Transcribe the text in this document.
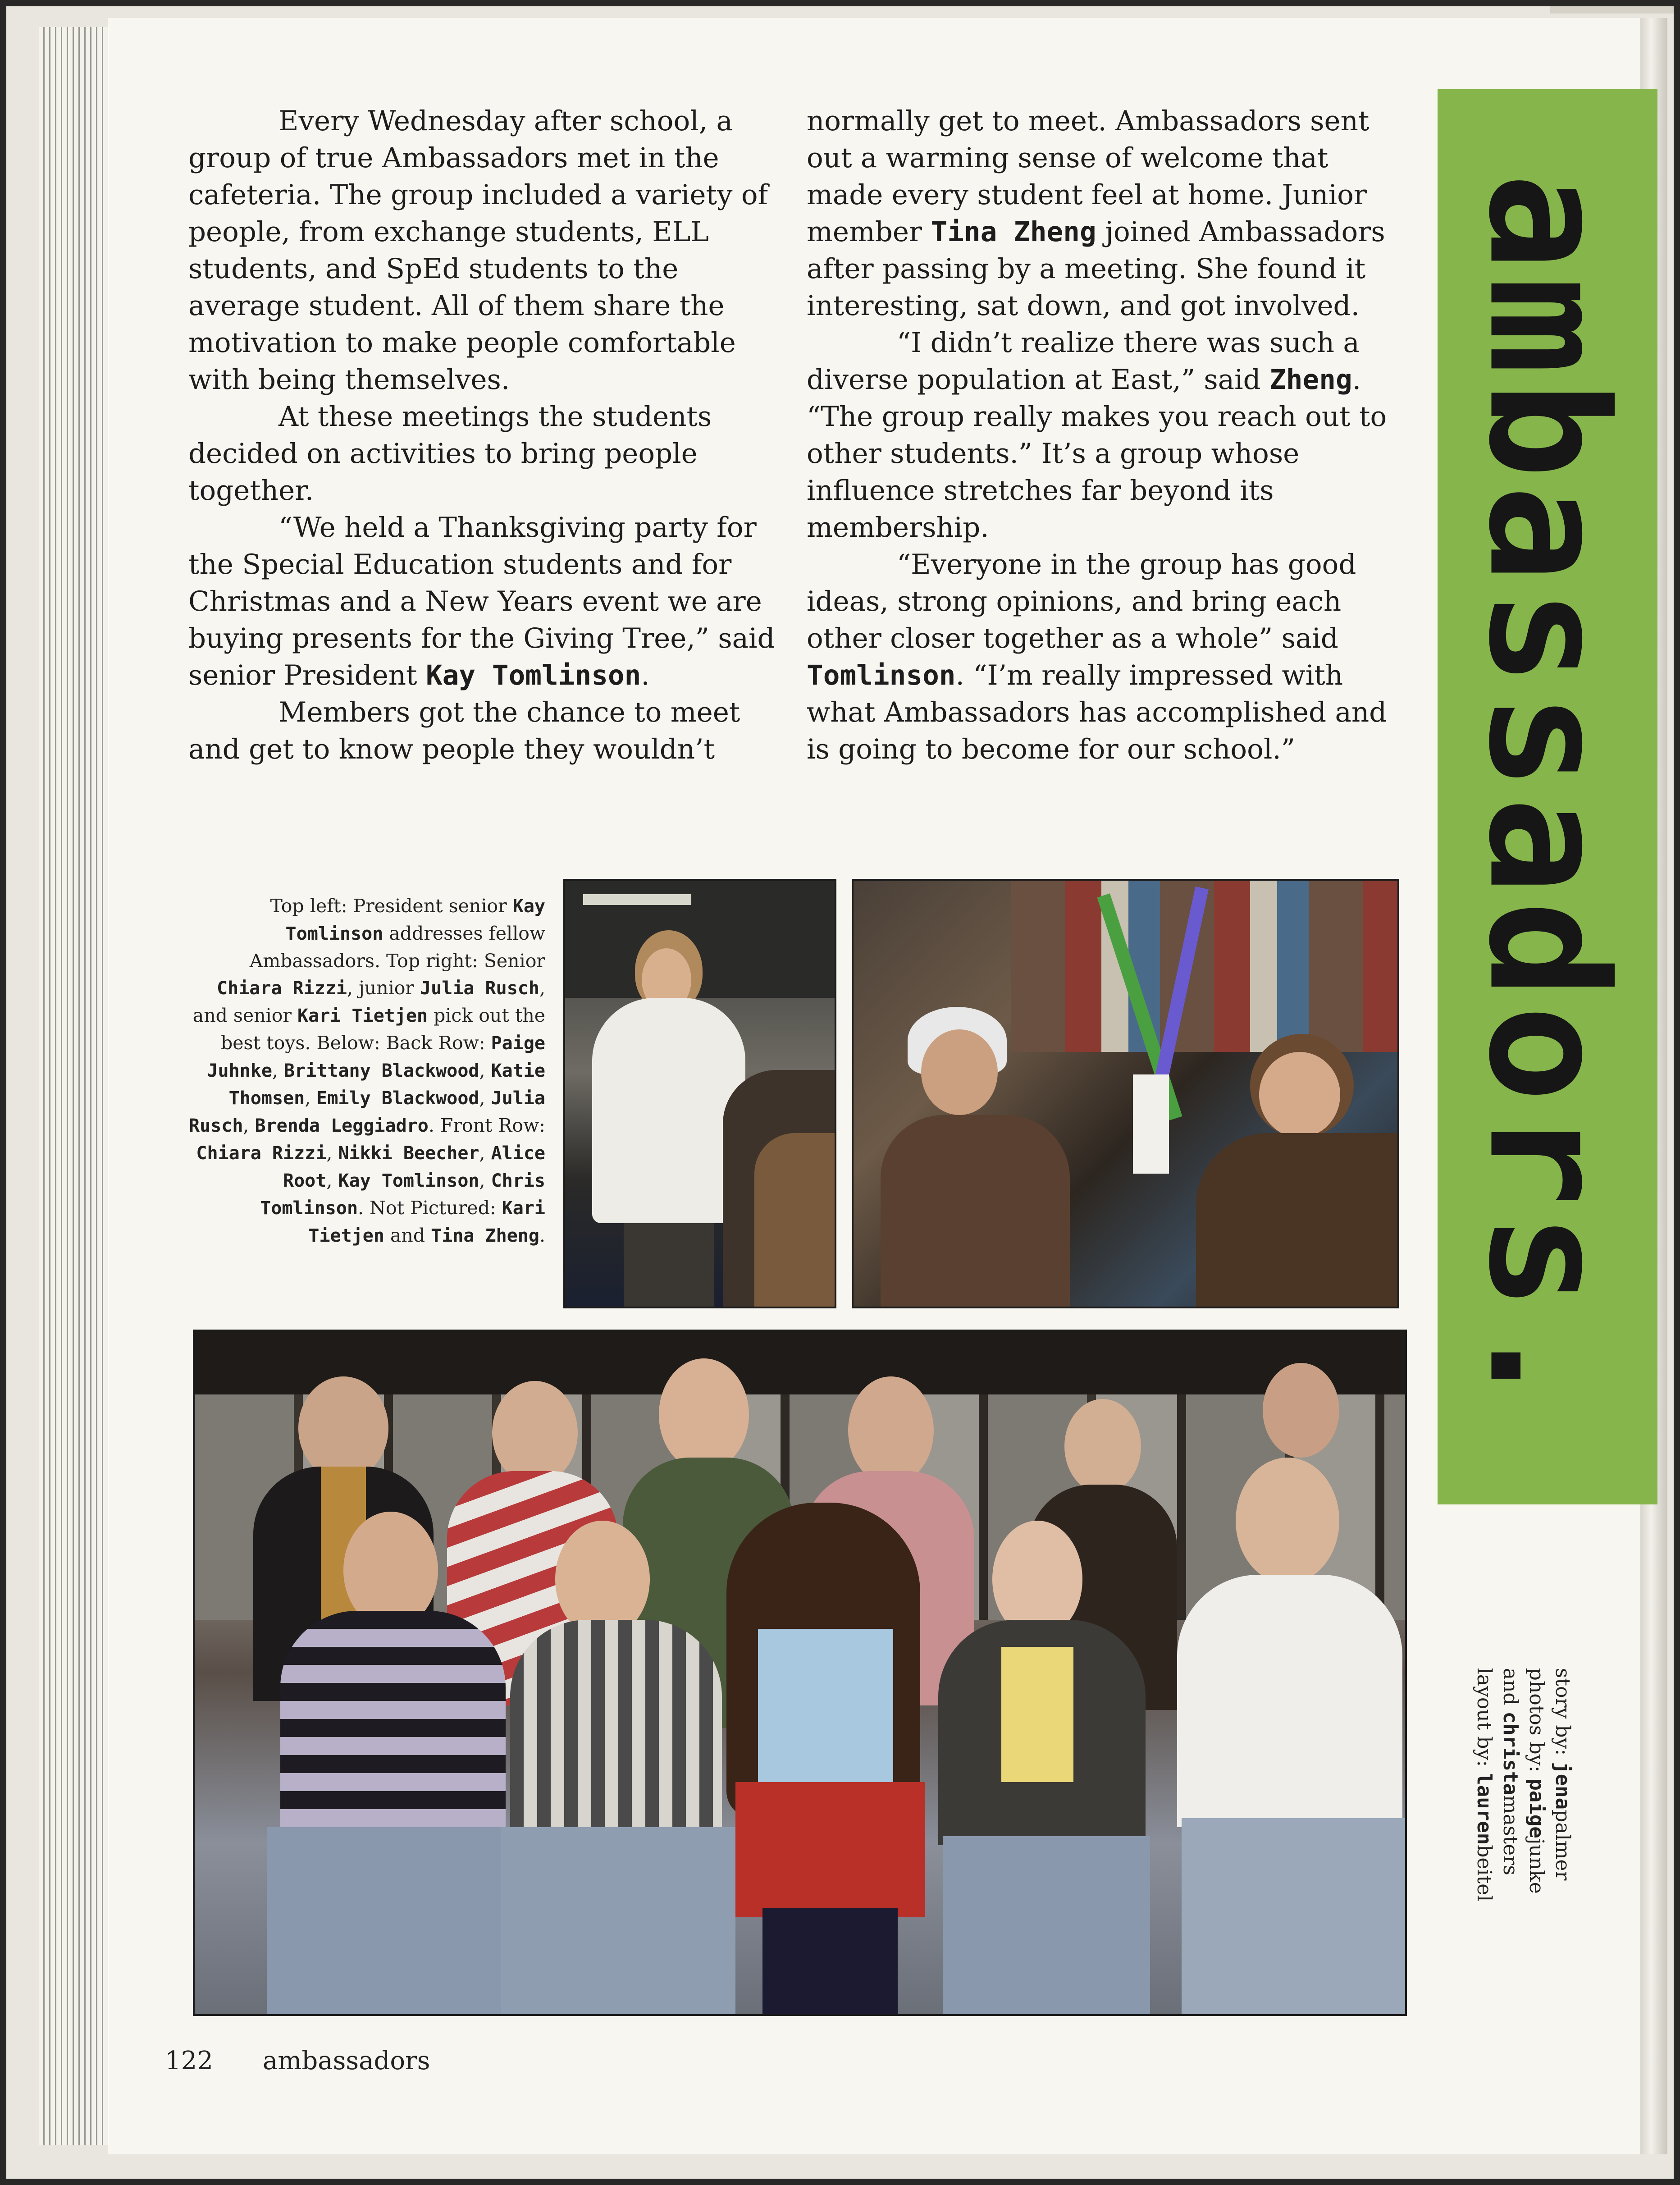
Every Wednesday after school, a group of true Ambassadors met in the cafeteria. The group included a variety of people, from exchange students, ELL students, and SpEd students to the average student. All of them share the motivation to make people comfortable with being themselves.

At these meetings the students decided on activities to bring people together.

“We held a Thanksgiving party for the Special Education students and for Christmas and a New Years event we are buying presents for the Giving Tree,” said senior President Kay Tomlinson.

Members got the chance to meet and get to know people they wouldn’t

normally get to meet. Ambassadors sent out a warming sense of welcome that made every student feel at home. Junior member Tina Zheng joined Ambassadors after passing by a meeting. She found it interesting, sat down, and got involved.

“I didn’t realize there was such a diverse population at East,” said Zheng. “The group really makes you reach out to other students.” It’s a group whose influence stretches far beyond its membership.

“Everyone in the group has good ideas, strong opinions, and bring each other closer together as a whole” said Tomlinson. “I’m really impressed with what Ambassadors has accomplished and is going to become for our school.”

Top left: President senior Kay Tomlinson addresses fellow Ambassadors. Top right: Senior Chiara Rizzi, junior Julia Rusch, and senior Kari Tietjen pick out the best toys. Below: Back Row: Paige Juhnke, Brittany Blackwood, Katie Thomsen, Emily Blackwood, Julia Rusch, Brenda Leggiadro. Front Row: Chiara Rizzi, Nikki Beecher, Alice Root, Kay Tomlinson, Chris Tomlinson. Not Pictured: Kari Tietjen and Tina Zheng.	ambassadors.
story by: jenapalmer
photos by: paigejunke
and christamasters
layout by: laurenbeitel
122 ambassadors
